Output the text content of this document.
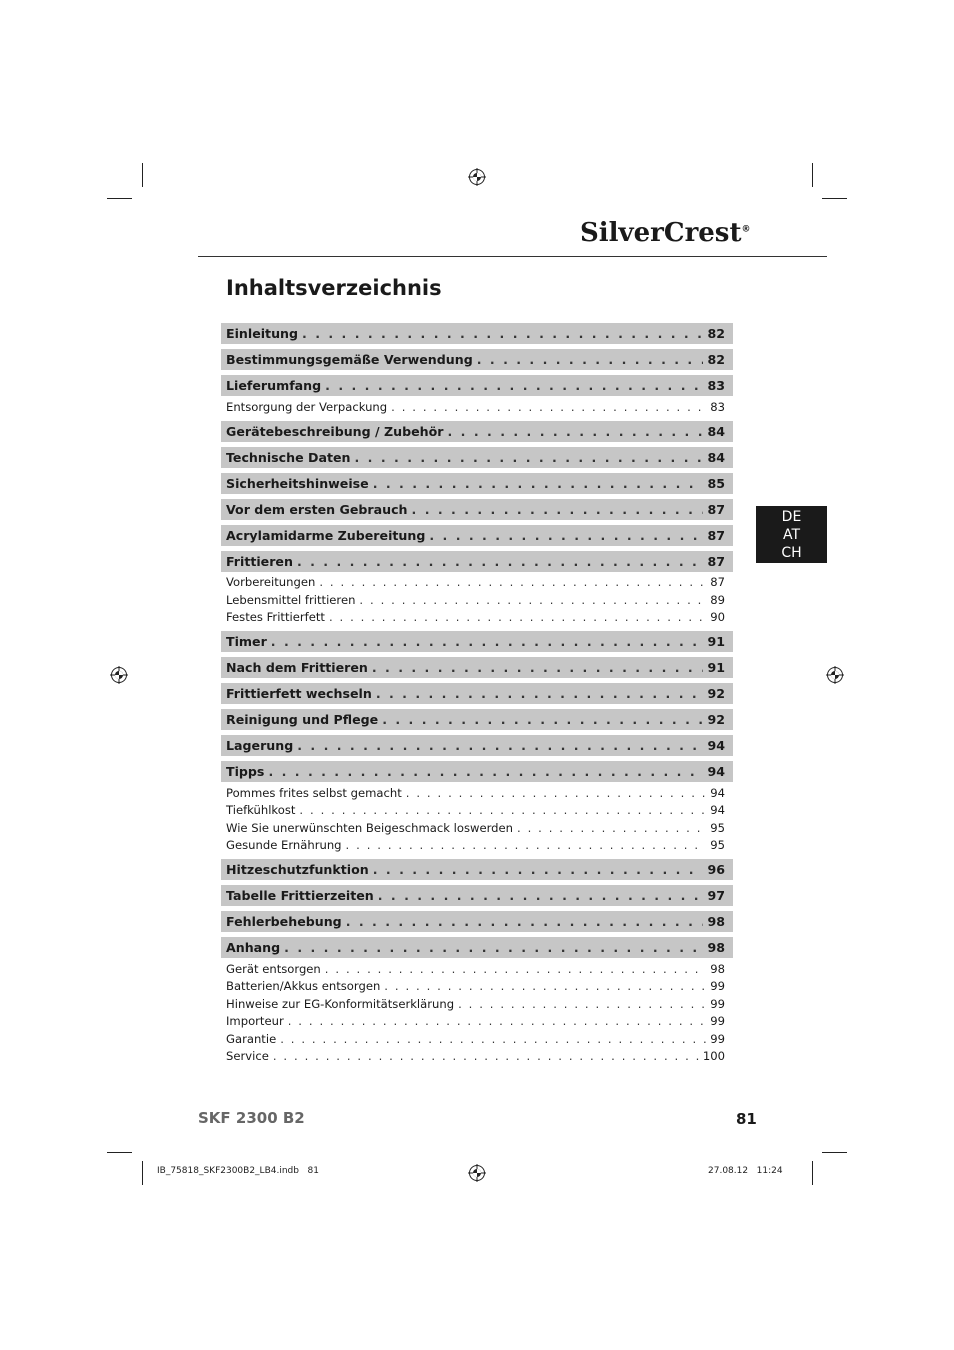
SilverCrest®
Inhaltsverzeichnis
Einleitung . . .	82
Bestimmungsgemäße Verwendung . . .	82
Lieferumfang . . .	83
Entsorgung der Verpackung . . .	83
Gerätebeschreibung / Zubehör . . .	84
Technische Daten . . .	84
Sicherheitshinweise . . .	85
Vor dem ersten Gebrauch . . .	87
Acrylamidarme Zubereitung . . .	87
Frittieren . . .	87
Vorbereitungen . . .	87
Lebensmittel frittieren . . .	89
Festes Frittierfett . . .	90
Timer . . .	91
Nach dem Frittieren . . .	91
Frittierfett wechseln . . .	92
Reinigung und Pflege . . .	92
Lagerung . . .	94
Tipps . . .	94
Pommes frites selbst gemacht . . .	94
Tiefkühlkost . . .	94
Wie Sie unerwünschten Beigeschmack loswerden . . .	95
Gesunde Ernährung . . .	95
Hitzeschutzfunktion . . .	96
Tabelle Frittierzeiten . . .	97
Fehlerbehebung . . .	98
Anhang . . .	98
Gerät entsorgen . . .	98
Batterien/Akkus entsorgen . . .	99
Hinweise zur EG-Konformitätserklärung . . .	99
Importeur . . .	99
Garantie . . .	99
Service . . .	100
DE
AT
CH
SKF 2300 B2	81
IB_75818_SKF2300B2_LB4.indb   81	27.08.12   11:24
